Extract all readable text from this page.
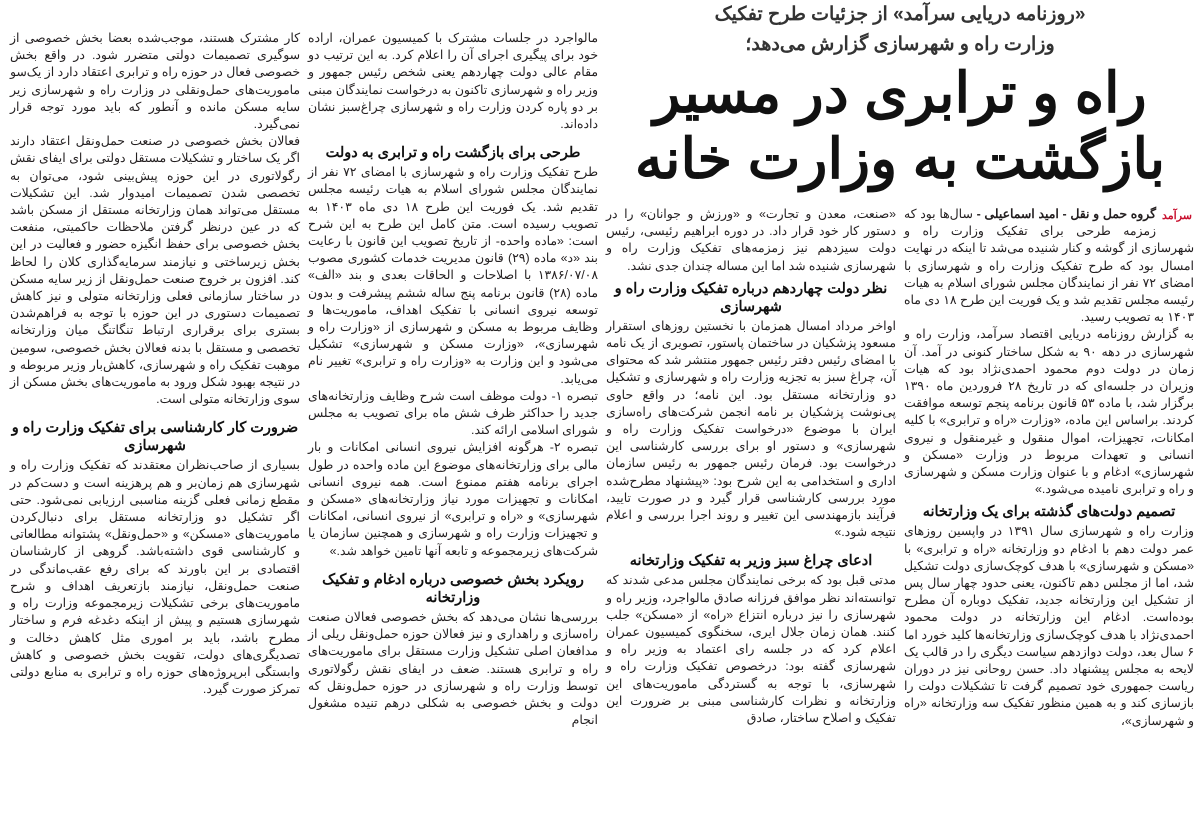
«روزنامه دریایی سرآمد» از جزئیات طرح تفکیک
وزارت راه و شهرسازی گزارش می‌دهد؛
راه و ترابری در مسیر
بازگشت به وزارت خانه

سرآمد
گروه حمل و نقل - امید اسماعیلی - سال‌ها بود که زمزمه طرحی برای تفکیک وزارت راه و شهرسازی از گوشه و کنار شنیده می‌شد تا اینکه در نهایت امسال بود که طرح تفکیک وزارت راه و شهرسازی با امضای ۷۲ نفر از نمایندگان مجلس شورای اسلام به هیات رئیسه مجلس تقدیم شد و یک فوریت این طرح ۱۸ دی ماه ۱۴۰۳ به تصویب رسید.

به گزارش روزنامه دریایی اقتصاد سرآمد، وزارت راه و شهرسازی در دهه ۹۰ به شکل ساختار کنونی در آمد. آن زمان در دولت دوم محمود احمدی‌نژاد بود که هیات وزیران در جلسه‌ای که در تاریخ ۲۸ فروردین ماه ۱۳۹۰ برگزار شد، با ماده ۵۳ قانون برنامه پنجم توسعه موافقت کردند. براساس این ماده، «وزارت «راه و ترابری» با کلیه امکانات، تجهیزات، اموال منقول و غیرمنقول و نیروی انسانی و تعهدات مربوط در وزارت «مسکن و شهرسازی» ادغام و با عنوان وزارت مسکن و شهرسازی و راه و ترابری نامیده می‌شود.»

تصمیم دولت‌های گذشته برای یک وزارتخانه

وزارت راه و شهرسازی سال ۱۳۹۱ در واپسین روزهای عمر دولت دهم با ادغام دو وزارتخانه «راه و ترابری» با «مسکن و شهرسازی» با هدف کوچک‌سازی دولت تشکیل شد، اما از مجلس دهم تاکنون، یعنی حدود چهار سال پس از تشکیل این وزارتخانه جدید، تفکیک دوباره آن مطرح بوده‌است. ادغام این وزارتخانه در دولت محمود احمدی‌نژاد با هدف کوچک‌سازی وزارتخانه‌ها کلید خورد اما ۶ سال بعد، دولت دوازدهم سیاست دیگری را در قالب یک لایحه به مجلس پیشنهاد داد. حسن روحانی نیز در دوران ریاست جمهوری خود تصمیم گرفت تا تشکیلات دولت را بازسازی کند و به همین منظور تفکیک سه وزارتخانه «راه و شهرسازی»،

«صنعت، معدن و تجارت» و «ورزش و جوانان» را در دستور کار خود قرار داد. در دوره ابراهیم رئیسی، رئیس دولت سیزدهم نیز زمزمه‌های تفکیک وزارت راه و شهرسازی شنیده شد اما این مساله چندان جدی نشد.

نظر دولت چهاردهم درباره تفکیک وزارت راه و شهرسازی

اواخر مرداد امسال همزمان با نخستین روزهای استقرار مسعود پزشکیان در ساختمان پاستور، تصویری از یک نامه با امضای رئیس دفتر رئیس جمهور منتشر شد که محتوای آن، چراغ سبز به تجزیه وزارت راه و شهرسازی و تشکیل دو وزارتخانه مستقل بود. این نامه؛ در واقع حاوی پی‌نوشت پزشکیان بر نامه انجمن شرکت‌های راه‌سازی ایران با موضوع «درخواست تفکیک وزارت راه و شهرسازی» و دستور او برای بررسی کارشناسی این درخواست بود. فرمان رئیس جمهور به رئیس سازمان اداری و استخدامی به این شرح بود: «پیشنهاد مطرح‌شده مورد بررسی کارشناسی قرار گیرد و در صورت تایید، فرآیند بازمهندسی این تغییر و روند اجرا بررسی و اعلام نتیجه شود.»

ادعای چراغ سبز وزیر به تفکیک وزارتخانه

مدتی قبل بود که برخی نمایندگان مجلس مدعی شدند که توانسته‌اند نظر موافق فرزانه صادق مالواجرد، وزیر راه و شهرسازی را نیز درباره انتزاع «راه» از «مسکن» جلب کنند. همان زمان جلال ایری، سخنگوی کمیسیون عمران اعلام کرد که در جلسه رای اعتماد به وزیر راه و شهرسازی گفته بود: درخصوص تفکیک وزارت راه و شهرسازی، با توجه به گستردگی ماموریت‌های این وزارتخانه و نظرات کارشناسی مبنی بر ضرورت این تفکیک و اصلاح ساختار، صادق

مالواجرد در جلسات مشترک با کمیسیون عمران، اراده خود برای پیگیری اجرای آن را اعلام کرد. به این ترتیب دو مقام عالی دولت چهاردهم یعنی شخص رئیس جمهور و وزیر راه و شهرسازی تاکنون به درخواست نمایندگان مبنی بر دو پاره کردن وزارت راه و شهرسازی چراغ‌سبز نشان داده‌اند.

طرحی برای بازگشت راه و ترابری به دولت

طرح تفکیک وزارت راه و شهرسازی با امضای ۷۲ نفر از نمایندگان مجلس شورای اسلام به هیات رئیسه مجلس تقدیم شد. یک فوریت این طرح ۱۸ دی ماه ۱۴۰۳ به تصویب رسیده است. متن کامل این طرح به این شرح است: «ماده واحده- از تاریخ تصویب این قانون با رعایت بند «د» ماده (۲۹) قانون مدیریت خدمات کشوری مصوب ۱۳۸۶/۰۷/۰۸ با اصلاحات و الحاقات بعدی و بند «الف» ماده (۲۸) قانون برنامه پنج ساله ششم پیشرفت و بدون توسعه نیروی انسانی با تفکیک اهداف، ماموریت‌ها و وظایف مربوط به مسکن و شهرسازی از «وزارت راه و شهرسازی»، «وزارت مسکن و شهرسازی» تشکیل می‌شود و این وزارت به «وزارت راه و ترابری» تغییر نام می‌یابد.

تبصره ۱- دولت موظف است شرح وظایف وزارتخانه‌های جدید را حداکثر ظرف شش ماه برای تصویب به مجلس شورای اسلامی ارائه کند.

تبصره ۲- هرگونه افزایش نیروی انسانی امکانات و بار مالی برای وزارتخانه‌های موضوع این ماده واحده در طول اجرای برنامه هفتم ممنوع است. همه نیروی انسانی امکانات و تجهیزات مورد نیاز وزارتخانه‌های «مسکن و شهرسازی» و «راه و ترابری» از نیروی انسانی، امکانات و تجهیزات وزارت راه و شهرسازی و همچنین سازمان یا شرکت‌های زیرمجموعه و تابعه آنها تامین خواهد شد.»

رویکرد بخش خصوصی درباره ادغام و تفکیک وزارتخانه

بررسی‌ها نشان می‌دهد که بخش خصوصی فعالان صنعت راه‌سازی و راهداری و نیز فعالان حوزه حمل‌ونقل ریلی از مدافعان اصلی تشکیل وزارت مستقل برای ماموریت‌های راه و ترابری هستند. ضعف در ایفای نقش رگولاتوری توسط وزارت راه و شهرسازی در حوزه حمل‌ونقل که دولت و بخش خصوصی به شکلی درهم تنیده مشغول انجام

کار مشترک هستند، موجب‌شده بعضا بخش خصوصی از سوگیری تصمیمات دولتی متضرر شود. در واقع بخش خصوصی فعال در حوزه راه و ترابری اعتقاد دارد از یک‌سو ماموریت‌های حمل‌ونقلی در وزارت راه و شهرسازی زیر سایه مسکن مانده و آنطور که باید مورد توجه قرار نمی‌گیرد.

فعالان بخش خصوصی در صنعت حمل‌ونقل اعتقاد دارند اگر یک ساختار و تشکیلات مستقل دولتی برای ایفای نقش رگولاتوری در این حوزه پیش‌بینی شود، می‌توان به تخصصی شدن تصمیمات امیدوار شد. این تشکیلات مستقل می‌تواند همان وزارتخانه مستقل از مسکن باشد که در عین درنظر گرفتن ملاحظات حاکمیتی، منفعت بخش خصوصی برای حفظ انگیزه حضور و فعالیت در این بخش زیرساختی و نیازمند سرمایه‌گذاری کلان را لحاظ کند. افزون بر خروج صنعت حمل‌ونقل از زیر سایه مسکن در ساختار سازمانی فعلی وزارتخانه متولی و نیز کاهش تصمیمات دستوری در این حوزه با توجه به فراهم‌شدن بستری برای برقراری ارتباط تنگاتنگ میان وزارتخانه تخصصی و مستقل با بدنه فعالان بخش خصوصی، سومین موهبت تفکیک راه و شهرسازی، کاهش‌بار وزیر مربوطه و در نتیجه بهبود شکل ورود به ماموریت‌های بخش مسکن از سوی وزارتخانه متولی است.

ضرورت کار کارشناسی برای تفکیک وزارت راه و شهرسازی

بسیاری از صاحب‌نظران معتقدند که تفکیک وزارت راه و شهرسازی هم زمان‌بر و هم پرهزینه است و دست‌کم در مقطع زمانی فعلی گزینه مناسبی ارزیابی نمی‌شود. حتی اگر تشکیل دو وزارتخانه مستقل برای دنبال‌کردن ماموریت‌های «مسکن» و «حمل‌ونقل» پشتوانه مطالعاتی و کارشناسی قوی داشته‌باشد. گروهی از کارشناسان اقتصادی بر این باورند که برای رفع عقب‌ماندگی در صنعت حمل‌ونقل، نیازمند بازتعریف اهداف و شرح ماموریت‌های برخی تشکیلات زیرمجموعه وزارت راه و شهرسازی هستیم و پیش از اینکه دغدغه فرم و ساختار مطرح باشد، باید بر اموری مثل کاهش دخالت و تصدیگری‌های دولت، تقویت بخش خصوصی و کاهش وابستگی ابرپروژه‌های حوزه راه و ترابری به منابع دولتی تمرکز صورت گیرد.
